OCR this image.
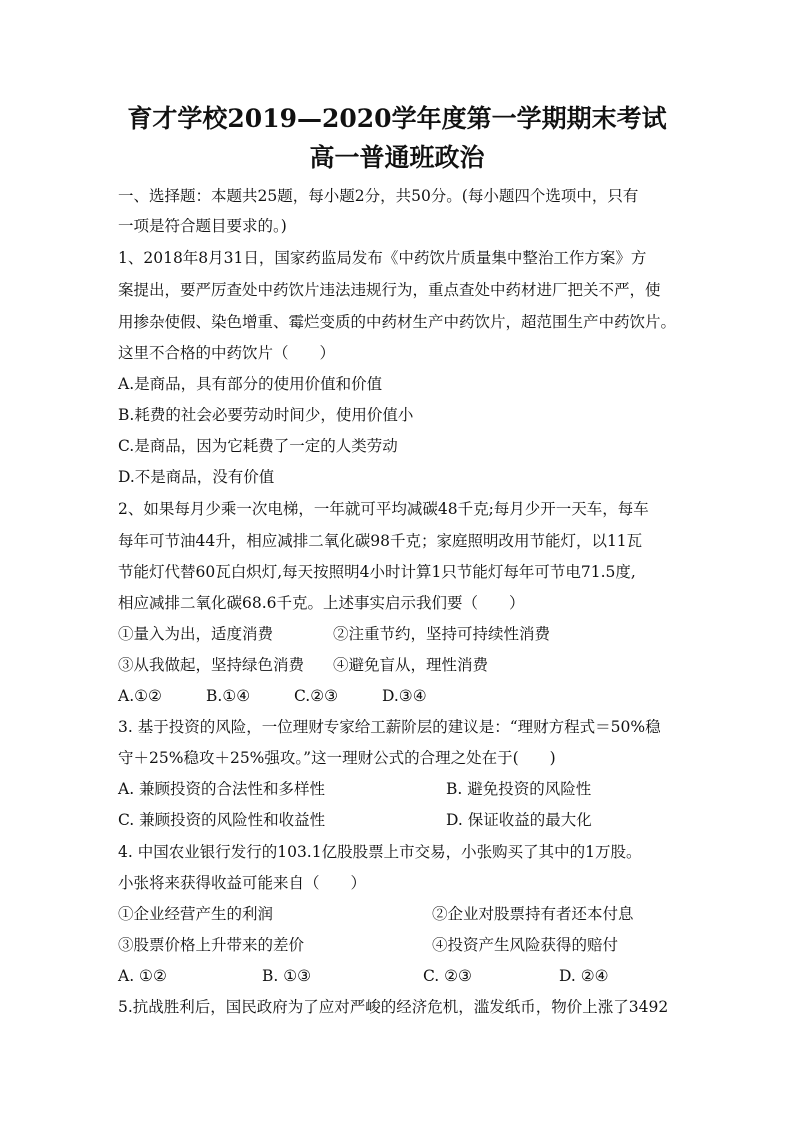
育才学校2019—2020学年度第一学期期末考试
高一普通班政治
一、选择题：本题共25题，每小题2分，共50分。(每小题四个选项中，只有
一项是符合题目要求的。)
1、2018年8月31日，国家药监局发布《中药饮片质量集中整治工作方案》方
案提出，要严厉查处中药饮片违法违规行为，重点查处中药材进厂把关不严，使
用掺杂使假、染色增重、霉烂变质的中药材生产中药饮片，超范围生产中药饮片。
这里不合格的中药饮片（　　）
A.是商品，具有部分的使用价值和价值
B.耗费的社会必要劳动时间少，使用价值小
C.是商品，因为它耗费了一定的人类劳动
D.不是商品，没有价值
2、如果每月少乘一次电梯，一年就可平均减碳48千克;每月少开一天车，每车
每年可节油44升，相应减排二氧化碳98千克；家庭照明改用节能灯，以11瓦
节能灯代替60瓦白炽灯,每天按照明4小时计算1只节能灯每年可节电71.5度,
相应减排二氧化碳68.6千克。上述事实启示我们要（　　）
①量入为出，适度消费	②注重节约，坚持可持续性消费
③从我做起，坚持绿色消费 ④避免盲从，理性消费
A.①②	B.①④	C.②③	D.③④
3. 基于投资的风险，一位理财专家给工薪阶层的建议是：“理财方程式＝50%稳
守＋25%稳攻＋25%强攻。”这一理财公式的合理之处在于(　　)
A. 兼顾投资的合法性和多样性	B. 避免投资的风险性
C. 兼顾投资的风险性和收益性	D. 保证收益的最大化
4. 中国农业银行发行的103.1亿股股票上市交易，小张购买了其中的1万股。
小张将来获得收益可能来自（　　）
①企业经营产生的利润	②企业对股票持有者还本付息
③股票价格上升带来的差价	④投资产生风险获得的赔付
A. ①②	B. ①③	C. ②③	D. ②④
5.抗战胜利后，国民政府为了应对严峻的经济危机，滥发纸币，物价上涨了3492
